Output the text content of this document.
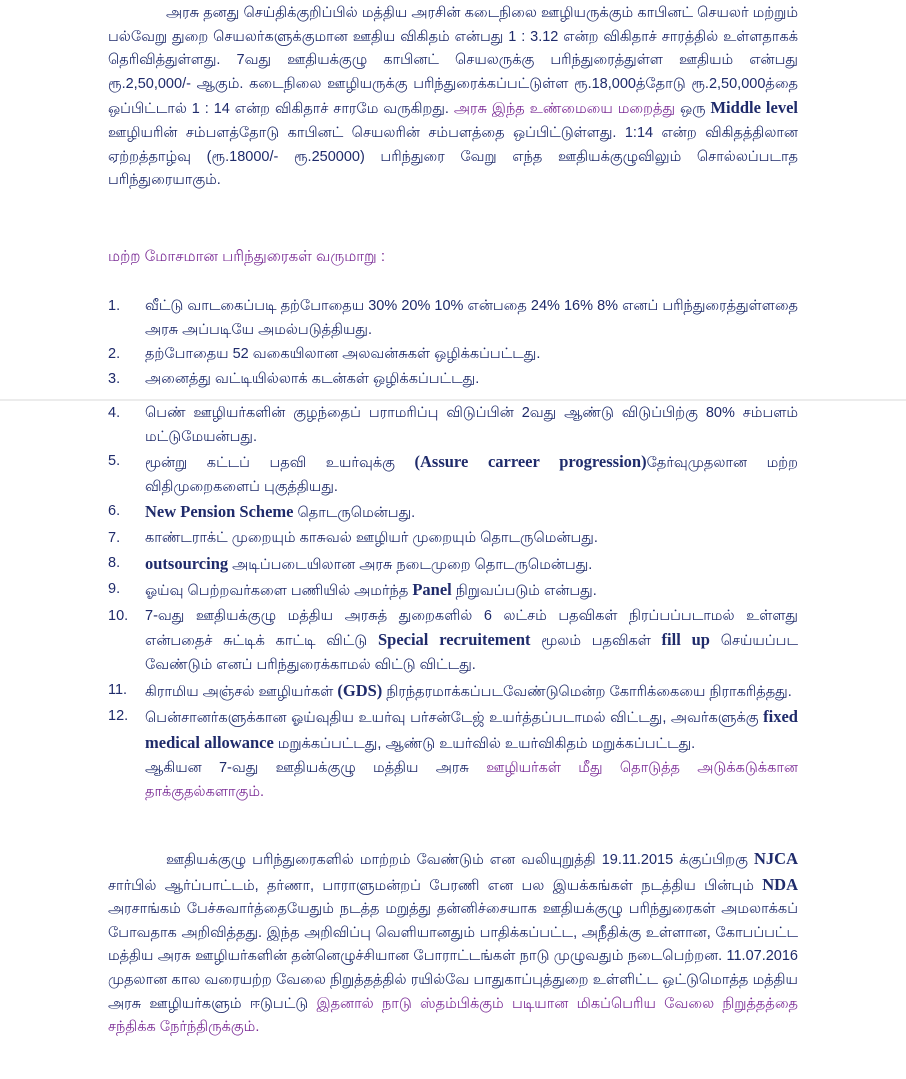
அரசு தனது செய்திக்குறிப்பில் மத்திய அரசின் கடைநிலை ஊழியருக்கும் காபினட் செயலர் மற்றும் பல்வேறு துறை செயலர்களுக்குமான ஊதிய விகிதம் என்பது 1 : 3.12 என்ற விகிதாச் சாரத்தில் உள்ளதாகக் தெரிவித்துள்ளது. 7வது ஊதியக்குழு காபினட் செயலருக்கு பரிந்துரைத்துள்ள ஊதியம் என்பது ரூ.2,50,000/- ஆகும். கடைநிலை ஊழியருக்கு பரிந்துரைக்கப்பட்டுள்ள ரூ.18,000த்தோடு ரூ.2,50,000த்தை ஒப்பிட்டால் 1 : 14 என்ற விகிதாச் சாரமே வருகிறது. அரசு இந்த உண்மையை மறைத்து ஒரு Middle level ஊழியரின் சம்பளத்தோடு காபினட் செயலரின் சம்பளத்தை ஒப்பிட்டுள்ளது. 1:14 என்ற விகிதத்திலான ஏற்றத்தாழ்வு (ரூ.18000/- ரூ.250000) பரிந்துரை வேறு எந்த ஊதியக்குழுவிலும் சொல்லப்படாத பரிந்துரையாகும்.

மற்ற மோசமான பரிந்துரைகள் வருமாறு :
1. வீட்டு வாடகைப்படி தற்போதைய 30% 20% 10% என்பதை 24% 16% 8% எனப் பரிந்துரைத்துள்ளதை அரசு அப்படியே அமல்படுத்தியது.
2. தற்போதைய 52 வகையிலான அலவன்சுகள் ஒழிக்கப்பட்டது.
3. அனைத்து வட்டியில்லாக் கடன்கள் ஒழிக்கப்பட்டது.
4. பெண் ஊழியர்களின் குழந்தைப் பராமரிப்பு விடுப்பின் 2வது ஆண்டு விடுப்பிற்கு 80% சம்பளம் மட்டுமேயன்பது.
5. மூன்று கட்டப் பதவி உயர்வுக்கு (Assure carreer progression)தேர்வுமுதலான மற்ற விதிமுறைகளைப் புகுத்தியது.
6. New Pension Scheme தொடருமென்பது.
7. காண்டராக்ட் முறையும் காசுவல் ஊழியர் முறையும் தொடருமென்பது.
8. outsourcing அடிப்படையிலான அரசு நடைமுறை தொடருமென்பது.
9. ஓய்வு பெற்றவர்களை பணியில் அமர்ந்த Panel நிறுவப்படும் என்பது.
10. 7-வது ஊதியக்குழு மத்திய அரசுத் துறைகளில் 6 லட்சம் பதவிகள் நிரப்பப்படாமல் உள்ளது என்பதைச் சுட்டிக் காட்டி விட்டு Special recruitement மூலம் பதவிகள் fill up செய்யப்பட வேண்டும் எனப் பரிந்துரைக்காமல் விட்டு விட்டது.
11. கிராமிய அஞ்சல் ஊழியர்கள் (GDS) நிரந்தரமாக்கப்படவேண்டுமென்ற கோரிக்கையை நிராகரித்தது.
12. பென்சானர்களுக்கான ஓய்வுதிய உயர்வு பர்சன்டேஜ் உயர்த்தப்படாமல் விட்டது, அவர்களுக்கு fixed medical allowance மறுக்கப்பட்டது, ஆண்டு உயர்வில் உயர்விகிதம் மறுக்கப்பட்டது.
ஆகியன 7-வது ஊதியக்குழு மத்திய அரசு ஊழியர்கள் மீது தொடுத்த அடுக்கடுக்கான தாக்குதல்களாகும்.

ஊதியக்குழு பரிந்துரைகளில் மாற்றம் வேண்டும் என வலியுறுத்தி 19.11.2015 க்குப்பிறகு NJCA சார்பில் ஆர்ப்பாட்டம், தர்ணா, பாராளுமன்றப் பேரணி என பல இயக்கங்கள் நடத்திய பின்பும் NDA அரசாங்கம் பேச்சுவார்த்தையேதும் நடத்த மறுத்து தன்னிச்சையாக ஊதியக்குழு பரிந்துரைகள் அமலாக்கப் போவதாக அறிவித்தது. இந்த அறிவிப்பு வெளியானதும் பாதிக்கப்பட்ட, அநீதிக்கு உள்ளான, கோபப்பட்ட மத்திய அரசு ஊழியர்களின் தன்னெழுச்சியான போராட்டங்கள் நாடு முழுவதும் நடைபெற்றன. 11.07.2016 முதலான கால வரையற்ற வேலை நிறுத்தத்தில் ரயில்வே பாதுகாப்புத்துறை உள்ளிட்ட ஒட்டுமொத்த மத்திய அரசு ஊழியர்களும் ஈடுபட்டு இதனால் நாடு ஸ்தம்பிக்கும் படியான மிகப்பெரிய வேலை நிறுத்தத்தை சந்திக்க நேர்ந்திருக்கும்.
